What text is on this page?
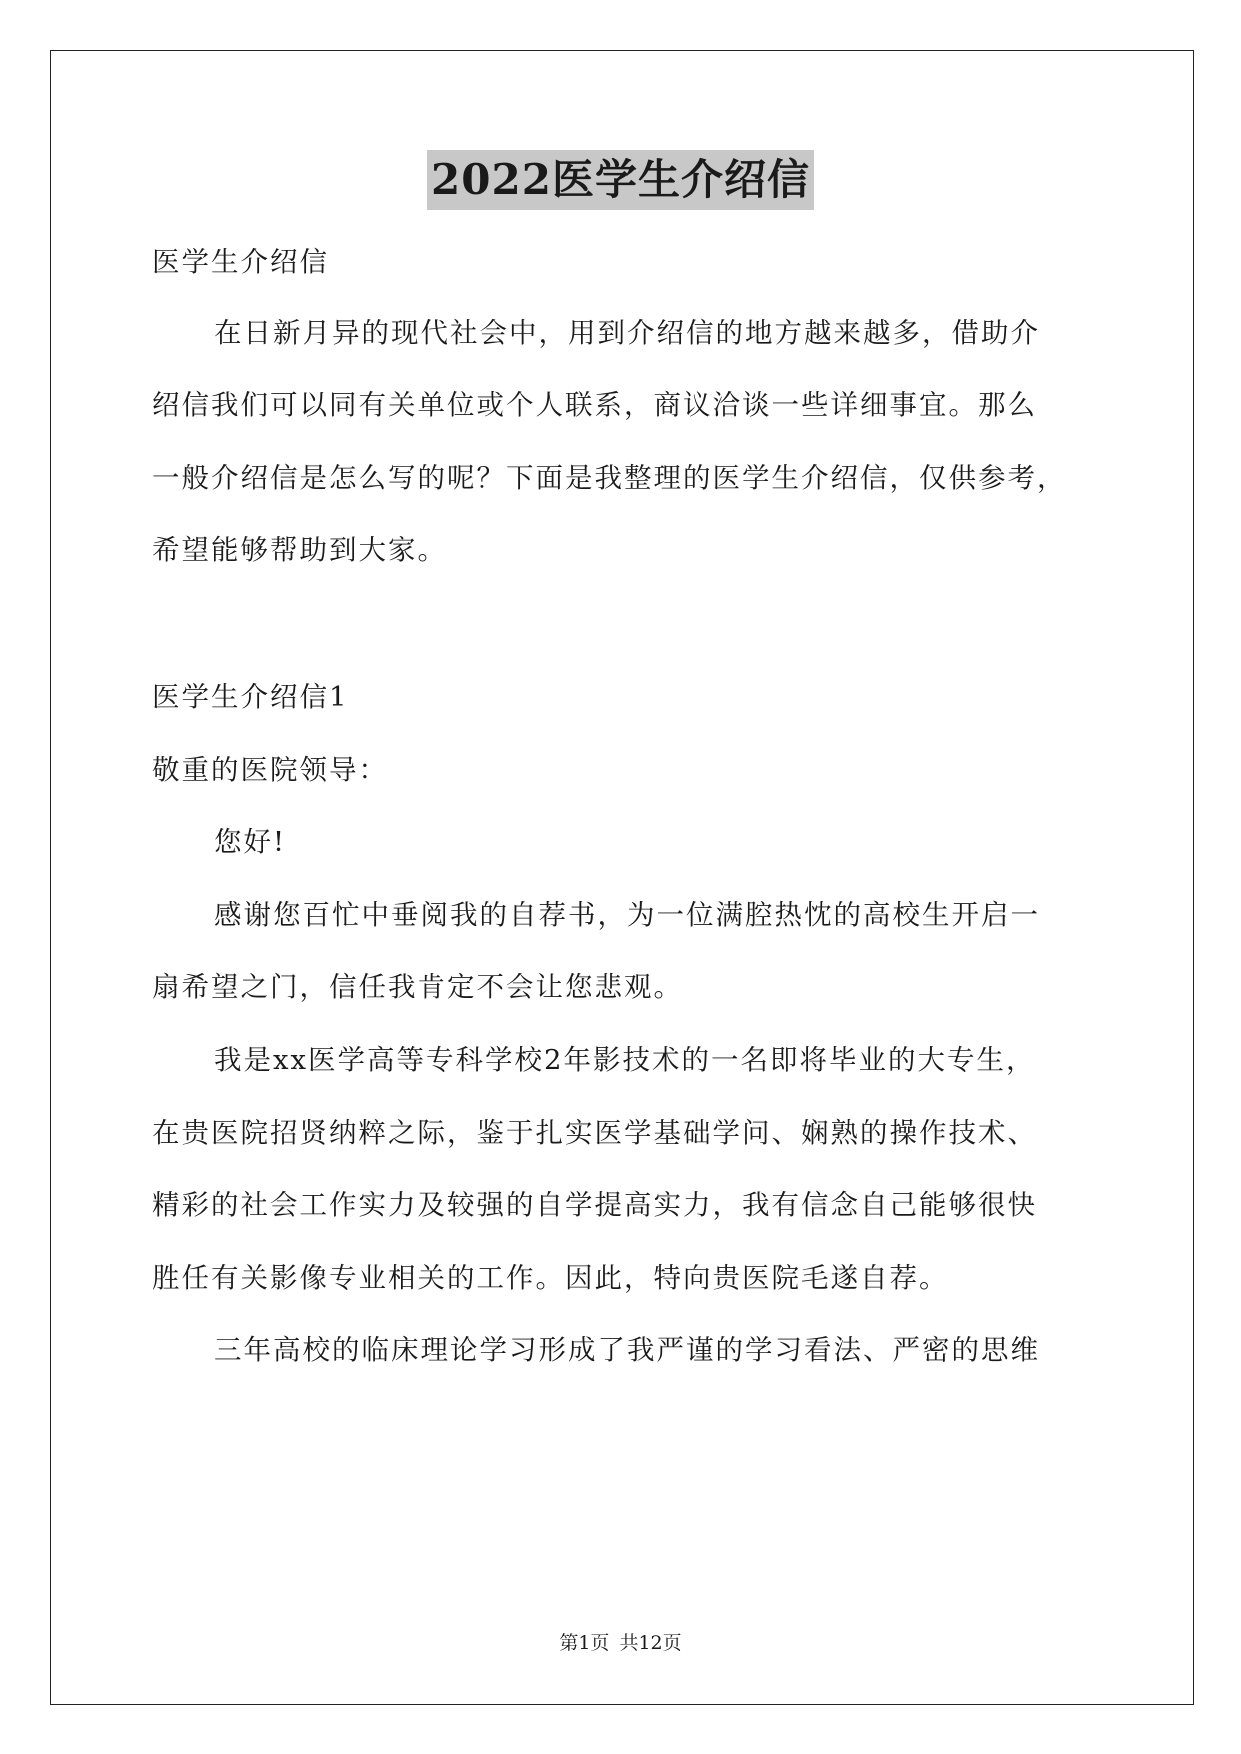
2022医学生介绍信
医学生介绍信
在日新月异的现代社会中，用到介绍信的地方越来越多，借助介
绍信我们可以同有关单位或个人联系，商议洽谈一些详细事宜。那么
一般介绍信是怎么写的呢？下面是我整理的医学生介绍信，仅供参考，
希望能够帮助到大家。
医学生介绍信1
敬重的医院领导：
您好!
感谢您百忙中垂阅我的自荐书，为一位满腔热忱的高校生开启一
扇希望之门，信任我肯定不会让您悲观。
我是xx医学高等专科学校2年影技术的一名即将毕业的大专生，
在贵医院招贤纳粹之际，鉴于扎实医学基础学问、娴熟的操作技术、
精彩的社会工作实力及较强的自学提高实力，我有信念自己能够很快
胜任有关影像专业相关的工作。因此，特向贵医院毛遂自荐。
三年高校的临床理论学习形成了我严谨的学习看法、严密的思维
第1页 共12页
